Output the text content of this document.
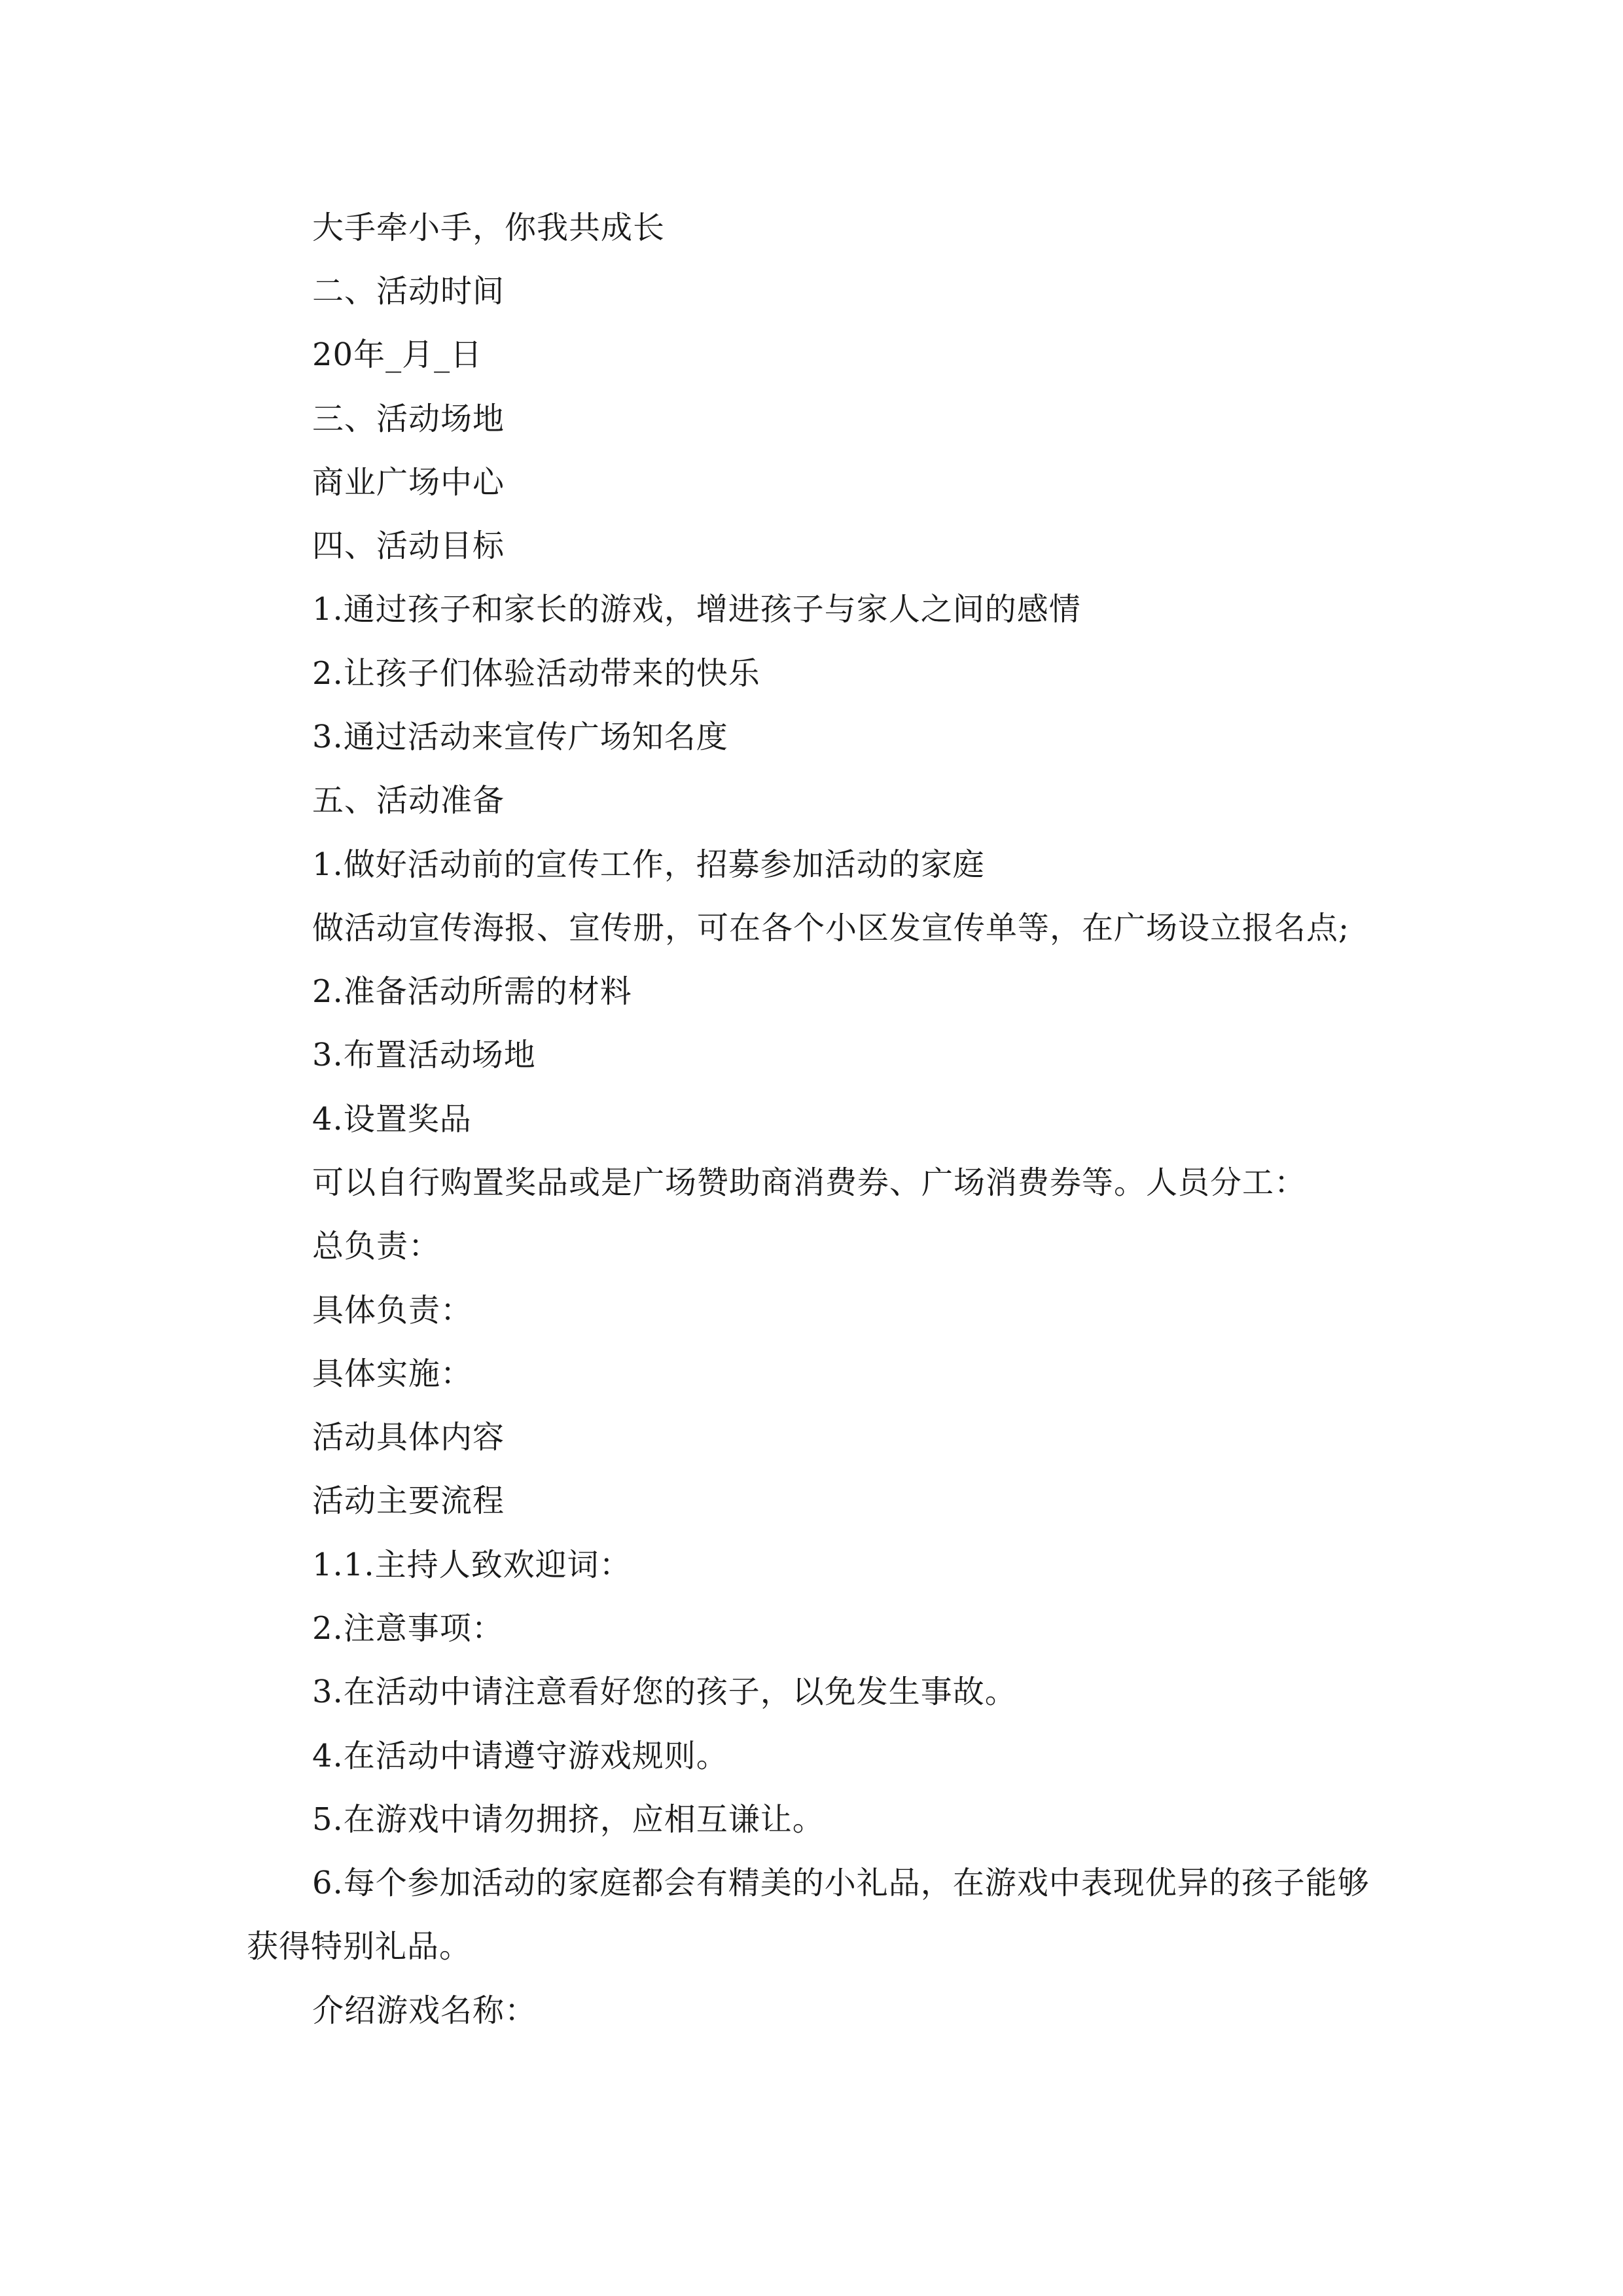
大手牵小手，你我共成长
二、活动时间
20年_月_日
三、活动场地
商业广场中心
四、活动目标
1.通过孩子和家长的游戏，增进孩子与家人之间的感情
2.让孩子们体验活动带来的快乐
3.通过活动来宣传广场知名度
五、活动准备
1.做好活动前的宣传工作，招募参加活动的家庭
做活动宣传海报、宣传册，可在各个小区发宣传单等，在广场设立报名点;
2.准备活动所需的材料
3.布置活动场地
4.设置奖品
可以自行购置奖品或是广场赞助商消费券、广场消费券等。人员分工：
总负责：
具体负责：
具体实施：
活动具体内容
活动主要流程
1.1.主持人致欢迎词：
2.注意事项：
3.在活动中请注意看好您的孩子，以免发生事故。
4.在活动中请遵守游戏规则。
5.在游戏中请勿拥挤，应相互谦让。

6.每个参加活动的家庭都会有精美的小礼品，在游戏中表现优异的孩子能够获得特别礼品。

介绍游戏名称：
